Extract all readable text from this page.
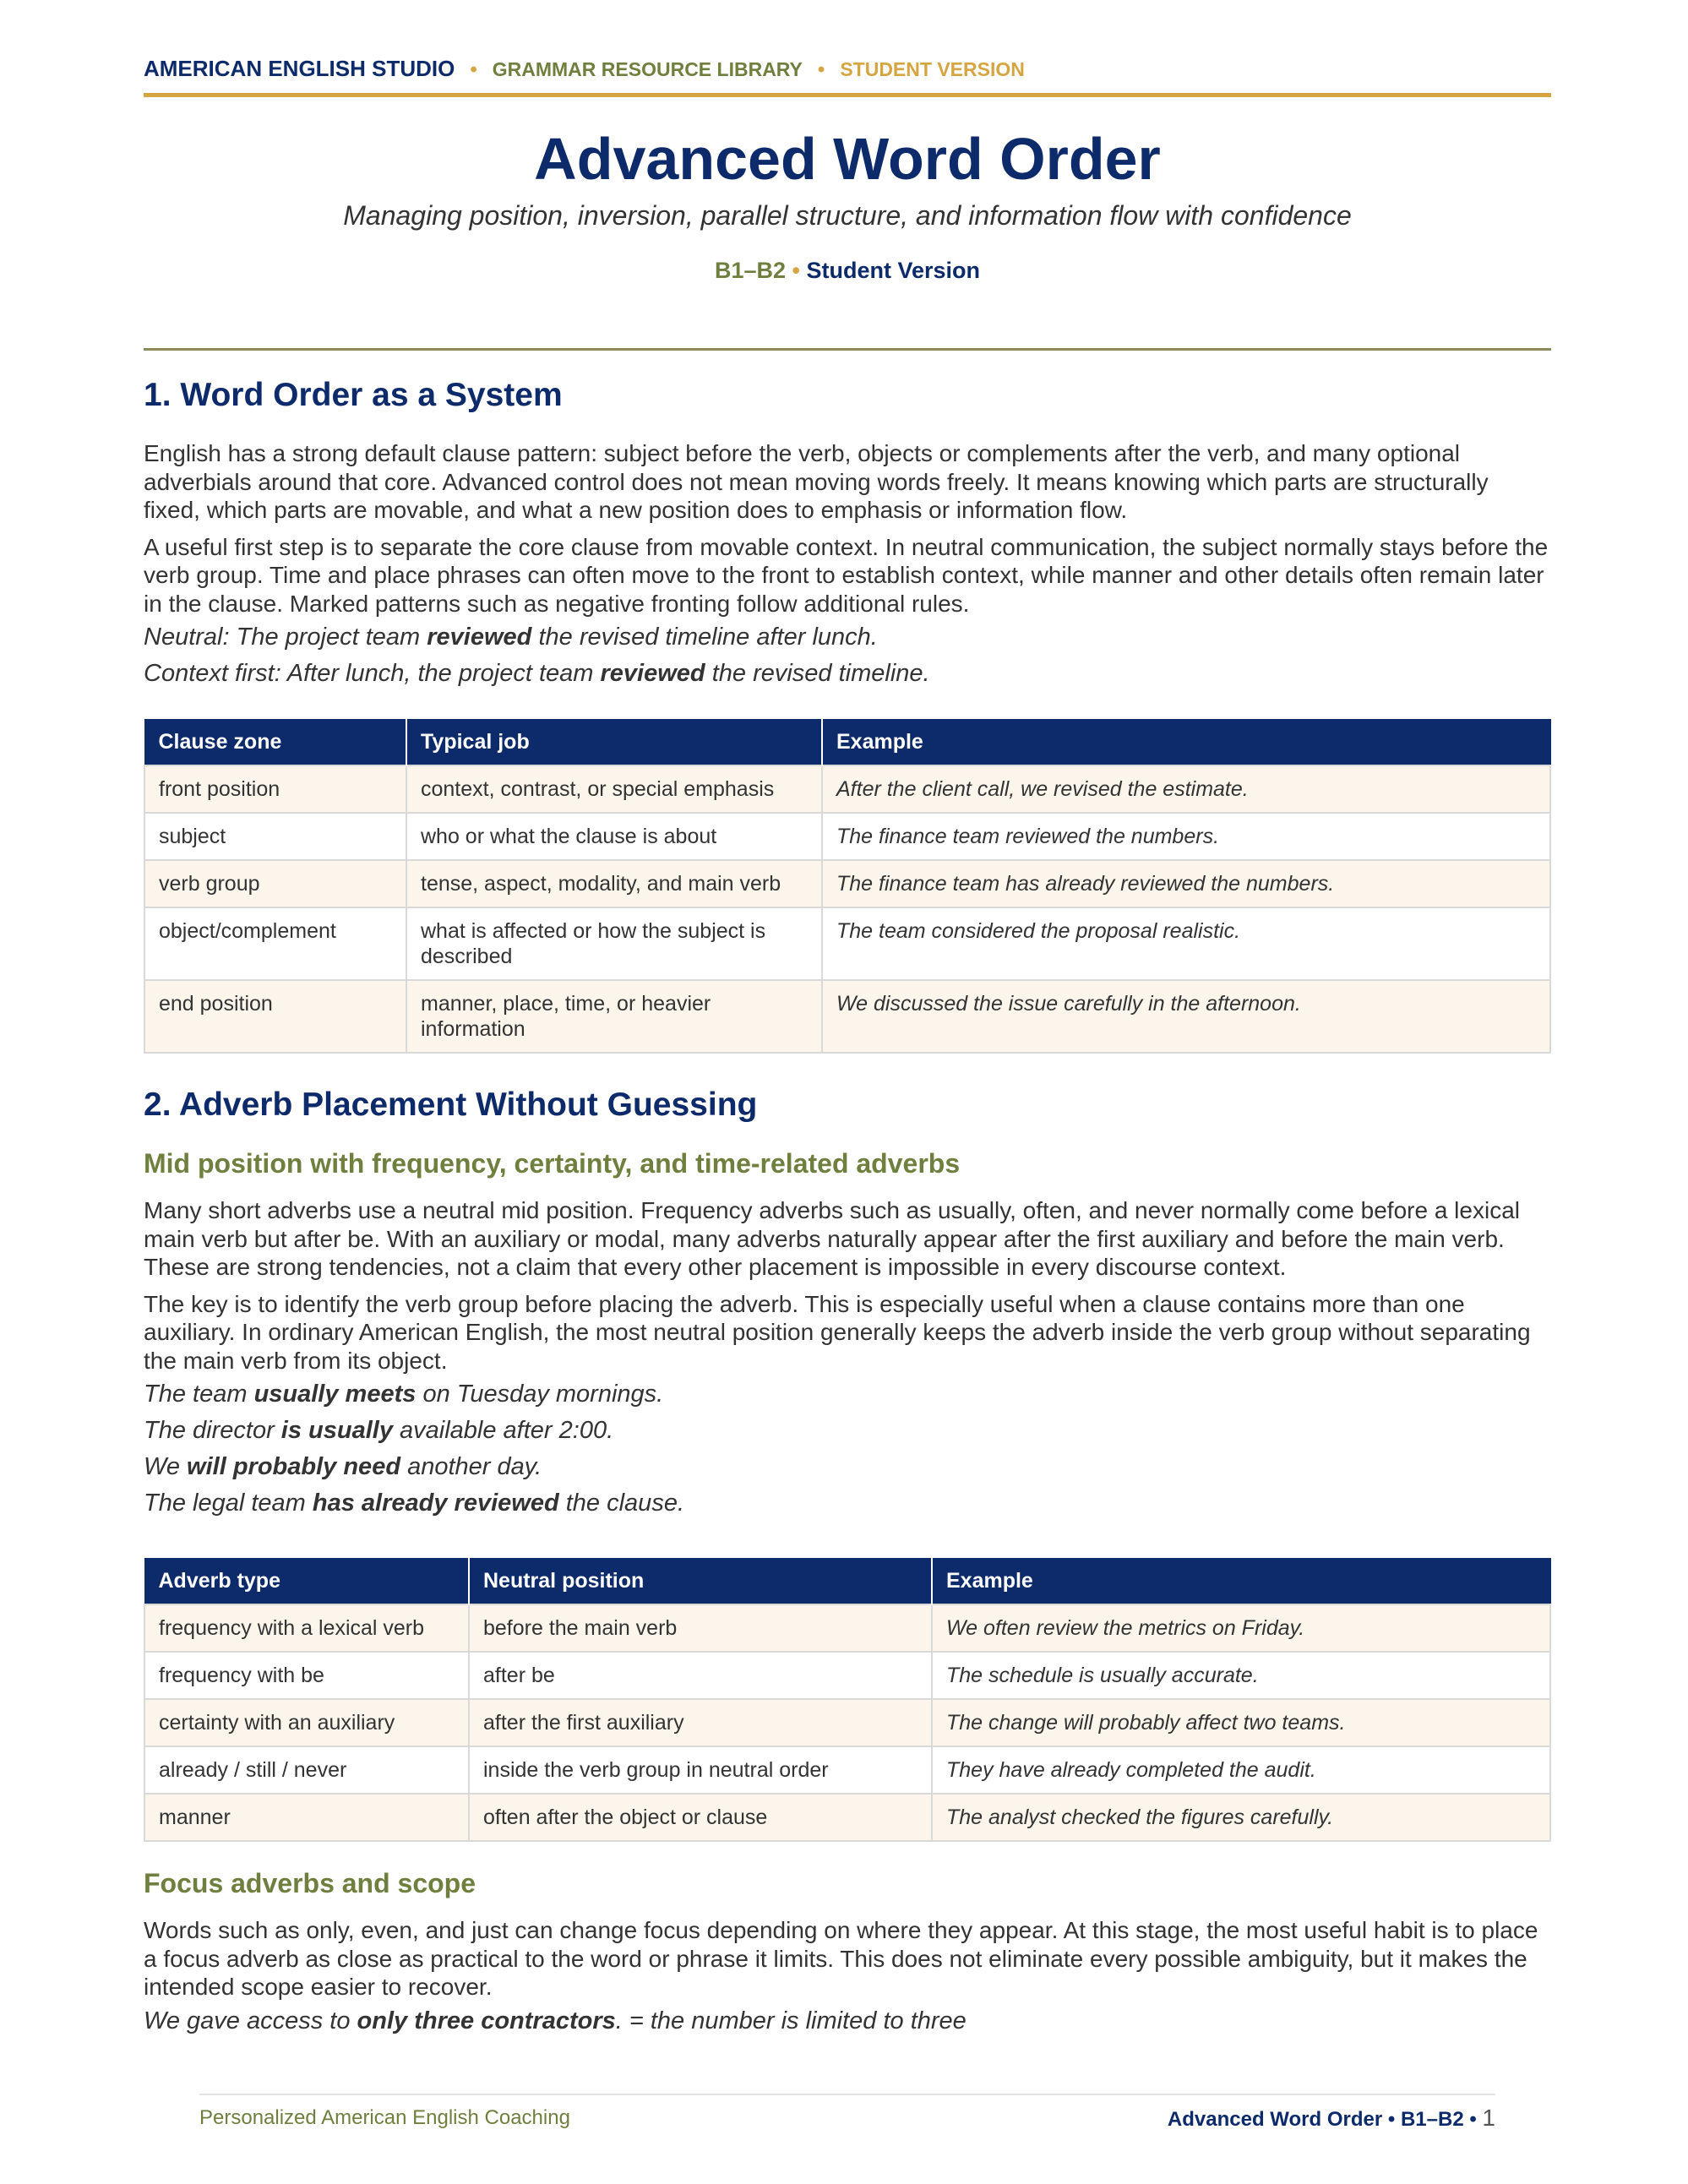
AMERICAN ENGLISH STUDIO • GRAMMAR RESOURCE LIBRARY • STUDENT VERSION
Advanced Word Order
Managing position, inversion, parallel structure, and information flow with confidence
B1–B2 • Student Version
1. Word Order as a System

English has a strong default clause pattern: subject before the verb, objects or complements after the verb, and many optional adverbials around that core. Advanced control does not mean moving words freely. It means knowing which parts are structurally fixed, which parts are movable, and what a new position does to emphasis or information flow.

A useful first step is to separate the core clause from movable context. In neutral communication, the subject normally stays before the verb group. Time and place phrases can often move to the front to establish context, while manner and other details often remain later in the clause. Marked patterns such as negative fronting follow additional rules.

Neutral: The project team reviewed the revised timeline after lunch.
Context first: After lunch, the project team reviewed the revised timeline.
Clause zone	Typical job	Example
front position	context, contrast, or special emphasis	After the client call, we revised the estimate.
subject	who or what the clause is about	The finance team reviewed the numbers.
verb group	tense, aspect, modality, and main verb	The finance team has already reviewed the numbers.
object/complement	what is affected or how the subject is described	The team considered the proposal realistic.
end position	manner, place, time, or heavier information	We discussed the issue carefully in the afternoon.
2. Adverb Placement Without Guessing
Mid position with frequency, certainty, and time-related adverbs

Many short adverbs use a neutral mid position. Frequency adverbs such as usually, often, and never normally come before a lexical main verb but after be. With an auxiliary or modal, many adverbs naturally appear after the first auxiliary and before the main verb. These are strong tendencies, not a claim that every other placement is impossible in every discourse context.

The key is to identify the verb group before placing the adverb. This is especially useful when a clause contains more than one auxiliary. In ordinary American English, the most neutral position generally keeps the adverb inside the verb group without separating the main verb from its object.

The team usually meets on Tuesday mornings.
The director is usually available after 2:00.
We will probably need another day.
The legal team has already reviewed the clause.
Adverb type	Neutral position	Example
frequency with a lexical verb	before the main verb	We often review the metrics on Friday.
frequency with be	after be	The schedule is usually accurate.
certainty with an auxiliary	after the first auxiliary	The change will probably affect two teams.
already / still / never	inside the verb group in neutral order	They have already completed the audit.
manner	often after the object or clause	The analyst checked the figures carefully.
Focus adverbs and scope

Words such as only, even, and just can change focus depending on where they appear. At this stage, the most useful habit is to place a focus adverb as close as practical to the word or phrase it limits. This does not eliminate every possible ambiguity, but it makes the intended scope easier to recover.

We gave access to only three contractors. = the number is limited to three
Personalized American English Coaching	Advanced Word Order • B1–B2 • 1
